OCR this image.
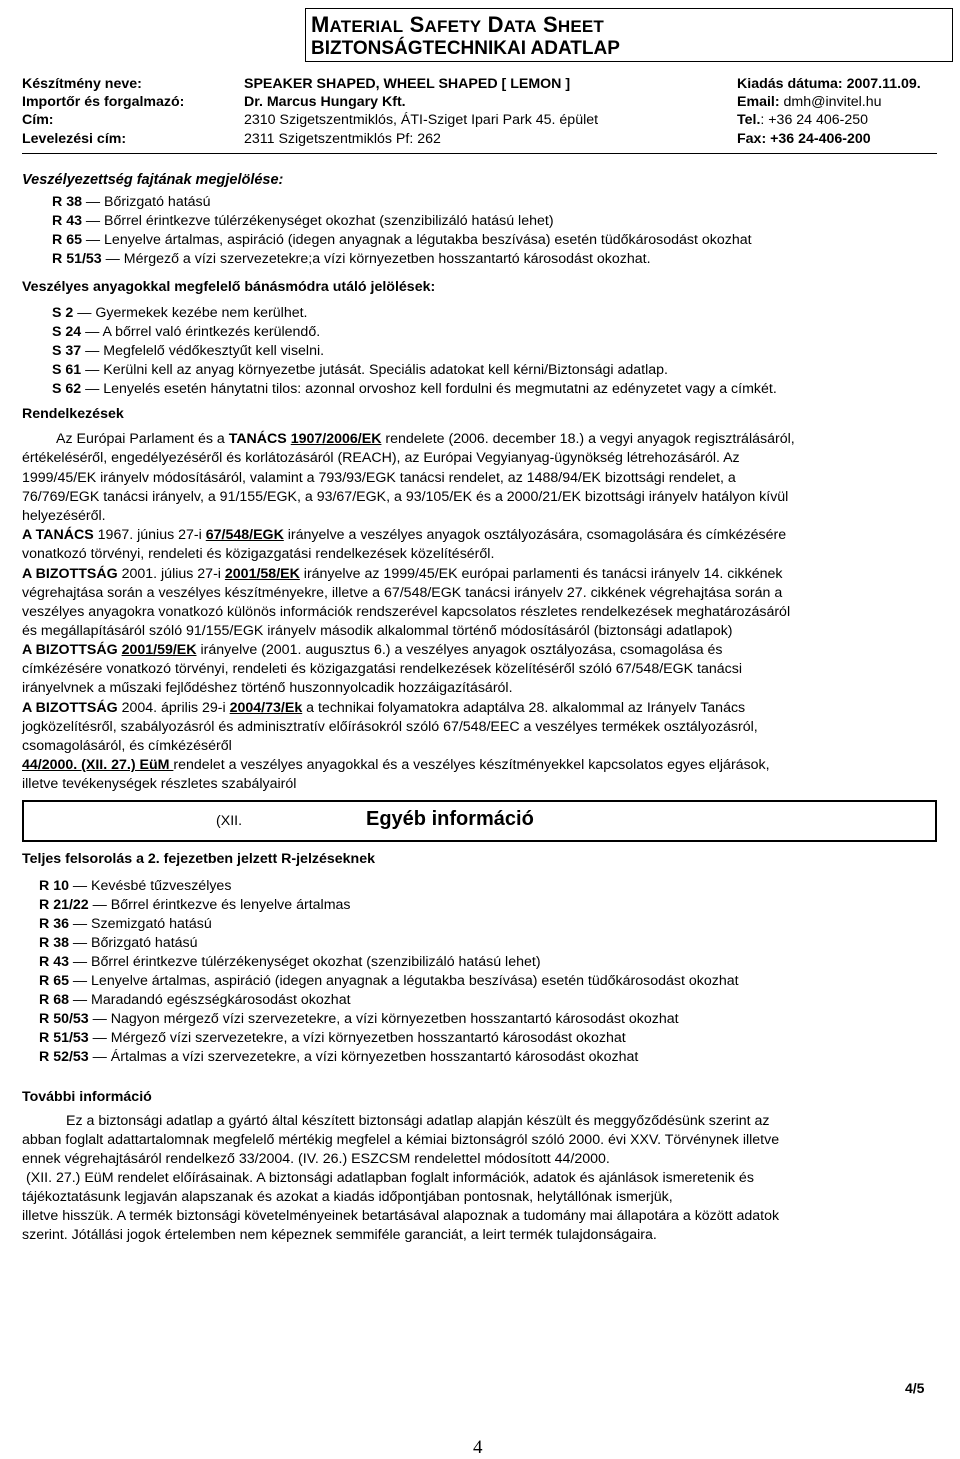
MATERIAL SAFETY DATA SHEET
BIZTONSÁGTECHNIKAI ADATLAP
Készítmény neve:	SPEAKER SHAPED, WHEEL SHAPED [ LEMON ]	Kiadás dátuma: 2007.11.09.
Importőr és forgalmazó:	Dr. Marcus Hungary Kft.	Email: dmh@invitel.hu
Cím:	2310 Szigetszentmiklós, ÁTI-Sziget Ipari Park 45. épület	Tel.: +36 24 406-250
Levelezési cím:	2311 Szigetszentmiklós Pf: 262	Fax: +36 24-406-200
Veszélyezettség fajtának megjelölése:
R 38 — Bőrizgató hatású
R 43 — Bőrrel érintkezve túlérzékenységet okozhat (szenzibilizáló hatású lehet)
R 65 — Lenyelve ártalmas, aspiráció (idegen anyagnak a légutakba beszívása) esetén tüdőkárosodást okozhat
R 51/53 — Mérgező a vízi szervezetekre;a vízi környezetben hosszantartó károsodást okozhat.
Veszélyes anyagokkal megfelelő bánásmódra utáló jelölések:
S 2 — Gyermekek kezébe nem kerülhet.
S 24 — A bőrrel való érintkezés kerülendő.
S 37 — Megfelelő védőkesztyűt kell viselni.
S 61 — Kerülni kell az anyag környezetbe jutását. Speciális adatokat kell kérni/Biztonsági adatlap.
S 62 — Lenyelés esetén hánytatni tilos: azonnal orvoshoz kell fordulni és megmutatni az edényzetet vagy a címkét.
Rendelkezések
Az Európai Parlament és a TANÁCS 1907/2006/EK rendelete (2006. december 18.) a vegyi anyagok regisztrálásáról,
értékeléséről, engedélyezéséről és korlátozásáról (REACH), az Európai Vegyianyag-ügynökség létrehozásáról. Az
1999/45/EK irányelv módosításáról, valamint a 793/93/EGK tanácsi rendelet, az 1488/94/EK bizottsági rendelet, a
76/769/EGK tanácsi irányelv, a 91/155/EGK, a 93/67/EGK, a 93/105/EK és a 2000/21/EK bizottsági irányelv hatályon kívül
helyezéséről.
A TANÁCS 1967. június 27-i 67/548/EGK irányelve a veszélyes anyagok osztályozására, csomagolására és címkézésére
vonatkozó törvényi, rendeleti és közigazgatási rendelkezések közelítéséről.
A BIZOTTSÁG 2001. július 27-i 2001/58/EK irányelve az 1999/45/EK európai parlamenti és tanácsi irányelv 14. cikkének
végrehajtása során a veszélyes készítményekre, illetve a 67/548/EGK tanácsi irányelv 27. cikkének végrehajtása során a
veszélyes anyagokra vonatkozó különös információk rendszerével kapcsolatos részletes rendelkezések meghatározásáról
és megállapításáról szóló 91/155/EGK irányelv második alkalommal történő módosításáról (biztonsági adatlapok)
A BIZOTTSÁG 2001/59/EK irányelve (2001. augusztus 6.) a veszélyes anyagok osztályozása, csomagolása és
címkézésére vonatkozó törvényi, rendeleti és közigazgatási rendelkezések közelítéséről szóló 67/548/EGK tanácsi
irányelvnek a műszaki fejlődéshez történő huszonnyolcadik hozzáigazításáról.
A BIZOTTSÁG 2004. április 29-i 2004/73/Ek a technikai folyamatokra adaptálva 28. alkalommal az Irányelv Tanács
jogközelítésről, szabályozásról és adminisztratív előírásokról szóló 67/548/EEC a veszélyes termékek osztályozásról,
csomagolásáról, és címkézéséről
44/2000. (XII. 27.) EüM rendelet a veszélyes anyagokkal és a veszélyes készítményekkel kapcsolatos egyes eljárások,
illetve tevékenységek részletes szabályairól
(XII.	Egyéb információ
Teljes felsorolás a 2. fejezetben jelzett R-jelzéseknek
R 10 — Kevésbé tűzveszélyes
R 21/22 — Bőrrel érintkezve és lenyelve ártalmas
R 36 — Szemizgató hatású
R 38 — Bőrizgató hatású
R 43 — Bőrrel érintkezve túlérzékenységet okozhat (szenzibilizáló hatású lehet)
R 65 — Lenyelve ártalmas, aspiráció (idegen anyagnak a légutakba beszívása) esetén tüdőkárosodást okozhat
R 68 — Maradandó egészségkárosodást okozhat
R 50/53 — Nagyon mérgező vízi szervezetekre, a vízi környezetben hosszantartó károsodást okozhat
R 51/53 — Mérgező vízi szervezetekre, a vízi környezetben hosszantartó károsodást okozhat
R 52/53 — Ártalmas a vízi szervezetekre, a vízi környezetben hosszantartó károsodást okozhat
További információ
Ez a biztonsági adatlap a gyártó által készített biztonsági adatlap alapján készült és meggyőződésünk szerint az
abban foglalt adattartalomnak megfelelő mértékig megfelel a kémiai biztonságról szóló 2000. évi XXV. Törvénynek illetve
ennek végrehajtásáról rendelkező 33/2004. (IV. 26.) ESZCSM rendelettel módosított 44/2000.
(XII. 27.) EüM rendelet előírásainak. A biztonsági adatlapban foglalt információk, adatok és ajánlások ismeretenik és
tájékoztatásunk legjaván alapszanak és azokat a kiadás időpontjában pontosnak, helytállónak ismerjük,
illetve hisszük. A termék biztonsági követelményeinek betartásával alapoznak a tudomány mai állapotára a között adatok
szerint. Jótállási jogok értelemben nem képeznek semmiféle garanciát, a leirt termék tulajdonságaira.
4/5
4
